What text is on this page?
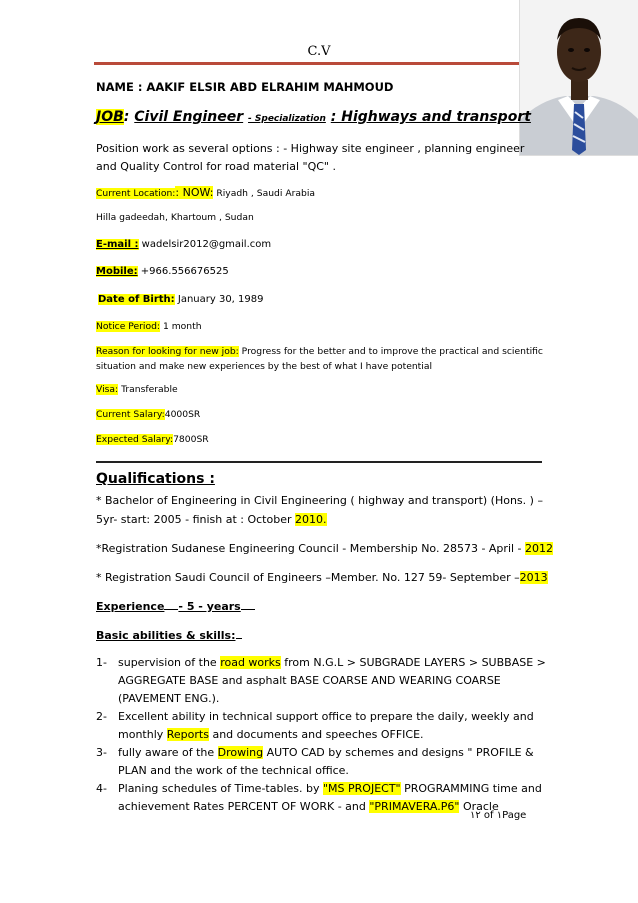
C.V
NAME : AAKIF ELSIR ABD ELRAHIM MAHMOUD
JOB: Civil Engineer - Specialization : Highways and transport
Position work as several options : - Highway site engineer , planning engineer and Quality Control for road material "QC" .
Current Location:: NOW: Riyadh , Saudi Arabia
Hilla gadeedah, Khartoum , Sudan
E-mail : wadelsir2012@gmail.com
Mobile: +966.556676525
Date of Birth: January 30, 1989
Notice Period: 1 month
Reason for looking for new job: Progress for the better and to improve the practical and scientific
situation and make new experiences by the best of what I have potential
Visa: Transferable
Current Salary:4000SR
Expected Salary:7800SR
Qualifications :
* Bachelor of Engineering in Civil Engineering ( highway and transport) (Hons. ) –
5yr- start: 2005 - finish at : October 2010.
*Registration Sudanese Engineering Council - Membership No. 28573 - April - 2012
* Registration Saudi Council of Engineers –Member. No. 127 59- September –2013
Experience - 5 - years
Basic abilities & skills:
1- supervision of the road works from N.G.L > SUBGRADE LAYERS > SUBBASE > AGGREGATE BASE and asphalt BASE COARSE AND WEARING COARSE (PAVEMENT ENG.).
2- Excellent ability in technical support office to prepare the daily, weekly and monthly Reports and documents and speeches OFFICE.
3- fully aware of the Drowing AUTO CAD by schemes and designs " PROFILE & PLAN and the work of the technical office.
4- Planing schedules of Time-tables. by "MS PROJECT" PROGRAMMING time and achievement Rates PERCENT OF WORK - and "PRIMAVERA.P6" Oracle
١٢ of ١Page
